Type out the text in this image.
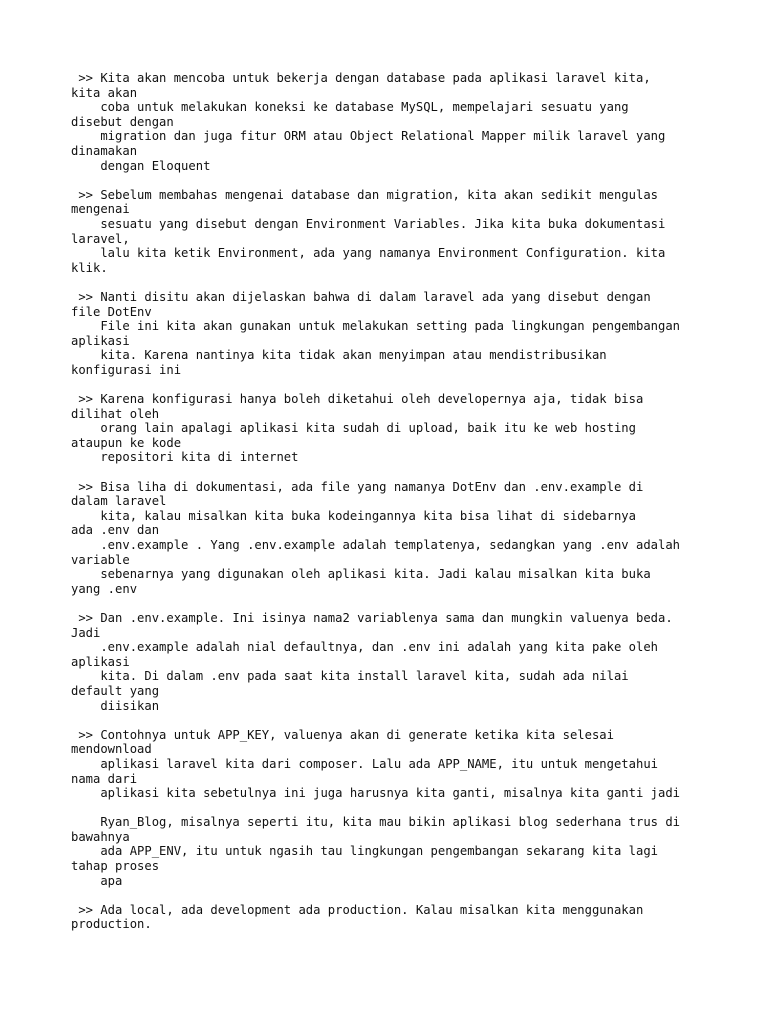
>> Kita akan mencoba untuk bekerja dengan database pada aplikasi laravel kita,
kita akan
coba untuk melakukan koneksi ke database MySQL, mempelajari sesuatu yang
disebut dengan
migration dan juga fitur ORM atau Object Relational Mapper milik laravel yang
dinamakan
dengan Eloquent
>> Sebelum membahas mengenai database dan migration, kita akan sedikit mengulas
mengenai
sesuatu yang disebut dengan Environment Variables. Jika kita buka dokumentasi
laravel,
lalu kita ketik Environment, ada yang namanya Environment Configuration. kita
klik.
>> Nanti disitu akan dijelaskan bahwa di dalam laravel ada yang disebut dengan
file DotEnv
File ini kita akan gunakan untuk melakukan setting pada lingkungan pengembangan
aplikasi
kita. Karena nantinya kita tidak akan menyimpan atau mendistribusikan
konfigurasi ini
>> Karena konfigurasi hanya boleh diketahui oleh developernya aja, tidak bisa
dilihat oleh
orang lain apalagi aplikasi kita sudah di upload, baik itu ke web hosting
ataupun ke kode
repositori kita di internet
>> Bisa liha di dokumentasi, ada file yang namanya DotEnv dan .env.example di
dalam laravel
kita, kalau misalkan kita buka kodeingannya kita bisa lihat di sidebarnya
ada .env dan
.env.example . Yang .env.example adalah templatenya, sedangkan yang .env adalah
variable
sebenarnya yang digunakan oleh aplikasi kita. Jadi kalau misalkan kita buka
yang .env
>> Dan .env.example. Ini isinya nama2 variablenya sama dan mungkin valuenya beda.
Jadi
.env.example adalah nial defaultnya, dan .env ini adalah yang kita pake oleh
aplikasi
kita. Di dalam .env pada saat kita install laravel kita, sudah ada nilai
default yang
diisikan
>> Contohnya untuk APP_KEY, valuenya akan di generate ketika kita selesai
mendownload
aplikasi laravel kita dari composer. Lalu ada APP_NAME, itu untuk mengetahui
nama dari
aplikasi kita sebetulnya ini juga harusnya kita ganti, misalnya kita ganti jadi
Ryan_Blog, misalnya seperti itu, kita mau bikin aplikasi blog sederhana trus di
bawahnya
ada APP_ENV, itu untuk ngasih tau lingkungan pengembangan sekarang kita lagi
tahap proses
apa
>> Ada local, ada development ada production. Kalau misalkan kita menggunakan
production.
